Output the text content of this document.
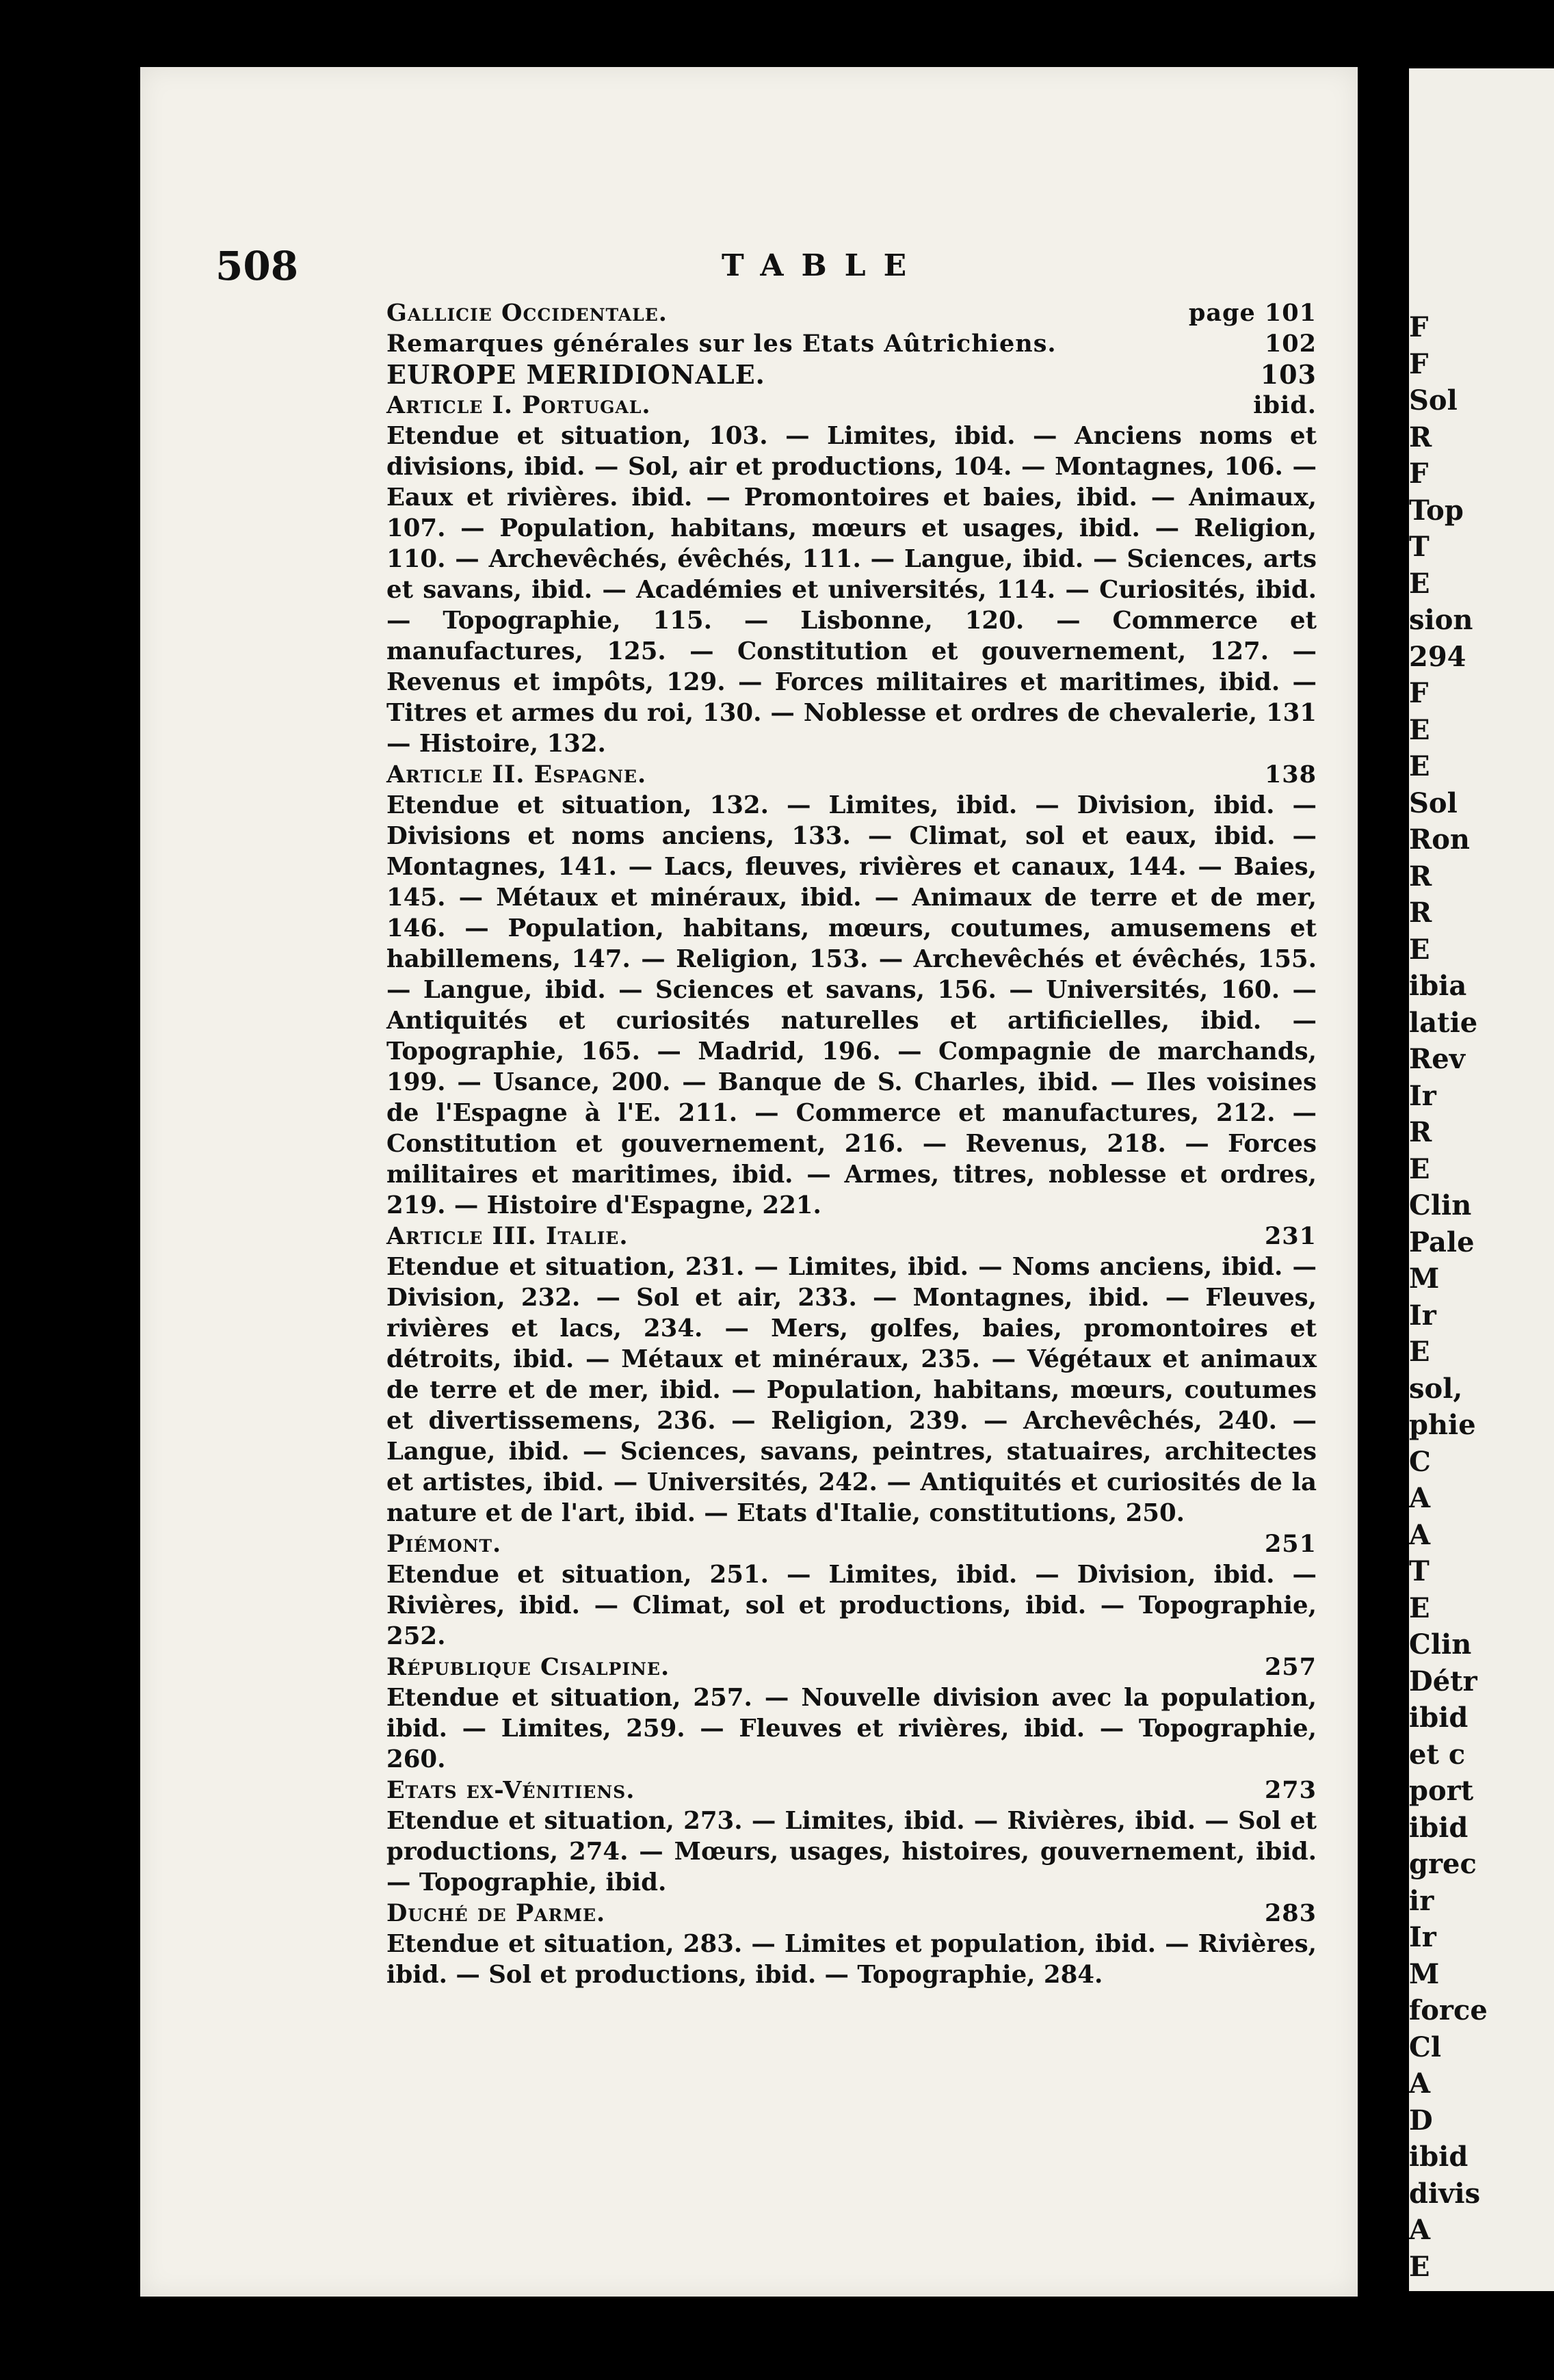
F
F
Sol
R
F
Top
T
E
sion
294
F
E
E
Sol
Ron
R
R
E
ibia
latie
Rev
Ir
R
E
Clin
Pale
M
Ir
E
sol,
phie
C
A
A
T
E
Clin
Détr
ibid
et c
port
ibid
grec
ir
Ir
M
force
Cl
A
D
ibid
divis
A
E
508	TABLE
Gallicie Occidentale.	page 101
Remarques générales sur les Etats Aûtrichiens.	102
EUROPE MERIDIONALE.	103
Article I. Portugal.	ibid.
Etendue et situation, 103. — Limites, ibid. — Anciens noms et divisions, ibid. — Sol, air et productions, 104. — Montagnes, 106. — Eaux et rivières. ibid. — Promontoires et baies, ibid. — Animaux, 107. — Population, habitans, mœurs et usages, ibid. — Religion, 110. — Archevêchés, évêchés, 111. — Langue, ibid. — Sciences, arts et savans, ibid. — Académies et universités, 114. — Curiosités, ibid. — Topographie, 115. — Lisbonne, 120. — Commerce et manufactures, 125. — Constitution et gouvernement, 127. — Revenus et impôts, 129. — Forces militaires et maritimes, ibid. — Titres et armes du roi, 130. — Noblesse et ordres de chevalerie, 131 — Histoire, 132.
Article II. Espagne.	138
Etendue et situation, 132. — Limites, ibid. — Division, ibid. — Divisions et noms anciens, 133. — Climat, sol et eaux, ibid. — Montagnes, 141. — Lacs, fleuves, rivières et canaux, 144. — Baies, 145. — Métaux et minéraux, ibid. — Animaux de terre et de mer, 146. — Population, habitans, mœurs, coutumes, amusemens et habillemens, 147. — Religion, 153. — Archevêchés et évêchés, 155. — Langue, ibid. — Sciences et savans, 156. — Universités, 160. — Antiquités et curiosités naturelles et artificielles, ibid. — Topographie, 165. — Madrid, 196. — Compagnie de marchands, 199. — Usance, 200. — Banque de S. Charles, ibid. — Iles voisines de l'Espagne à l'E. 211. — Commerce et manufactures, 212. — Constitution et gouvernement, 216. — Revenus, 218. — Forces militaires et maritimes, ibid. — Armes, titres, noblesse et ordres, 219. — Histoire d'Espagne, 221.
Article III. Italie.	231
Etendue et situation, 231. — Limites, ibid. — Noms anciens, ibid. — Division, 232. — Sol et air, 233. — Montagnes, ibid. — Fleuves, rivières et lacs, 234. — Mers, golfes, baies, promontoires et détroits, ibid. — Métaux et minéraux, 235. — Végétaux et animaux de terre et de mer, ibid. — Population, habitans, mœurs, coutumes et divertissemens, 236. — Religion, 239. — Archevêchés, 240. — Langue, ibid. — Sciences, savans, peintres, statuaires, architectes et artistes, ibid. — Universités, 242. — Antiquités et curiosités de la nature et de l'art, ibid. — Etats d'Italie, constitutions, 250.
Piémont.	251
Etendue et situation, 251. — Limites, ibid. — Division, ibid. — Rivières, ibid. — Climat, sol et productions, ibid. — Topographie, 252.
République Cisalpine.	257
Etendue et situation, 257. — Nouvelle division avec la population, ibid. — Limites, 259. — Fleuves et rivières, ibid. — Topographie, 260.
Etats ex-Vénitiens.	273
Etendue et situation, 273. — Limites, ibid. — Rivières, ibid. — Sol et productions, 274. — Mœurs, usages, histoires, gouvernement, ibid. — Topographie, ibid.
Duché de Parme.	283
Etendue et situation, 283. — Limites et population, ibid. — Rivières, ibid. — Sol et productions, ibid. — Topographie, 284.
